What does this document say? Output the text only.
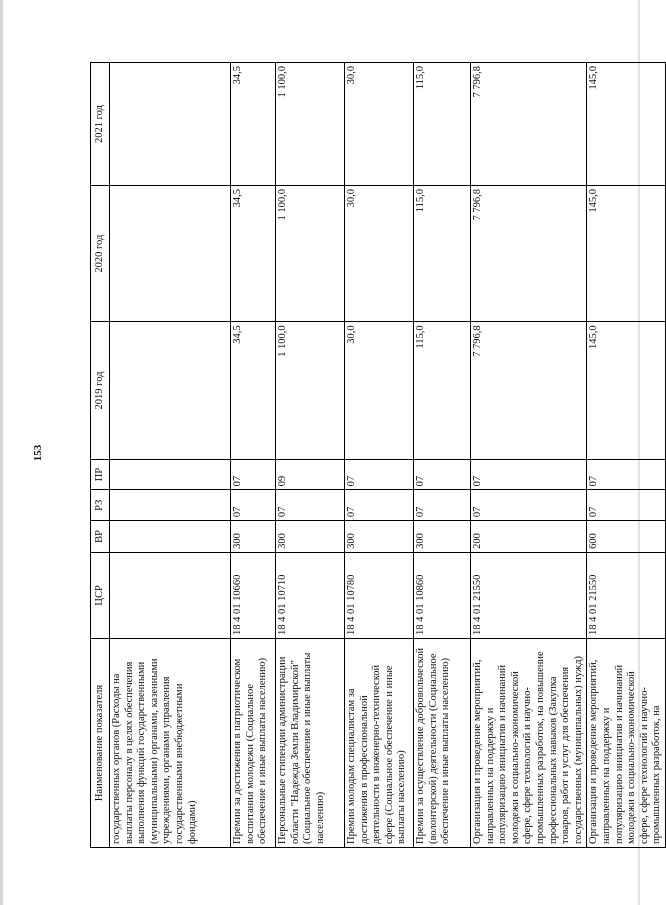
153
Наименование показателя	ЦСР	ВР	РЗ	ПР	2019 год	2020 год	2021 год
государственных органов (Расходы на выплаты персоналу в целях обеспечения выполнения функций государственными (муниципальными) органами, казенными учреждениями, органами управления государственными внебюджетными фондами)							
Премии за достижения в патриотическом воспитании молодежи (Социальное обеспечение и иные выплаты населению)	18 4 01 10660	300	07	07	34,5	34,5	34,5
Персональные стипендии администрации области "Надежда Земли Владимирской" (Социальное обеспечение и иные выплаты населению)	18 4 01 10710	300	07	09	1 100,0	1 100,0	1 100,0
Премии молодым специалистам за достижения в профессиональной деятельности в инженерно-технической сфере (Социальное обеспечение и иные выплаты населению)	18 4 01 10780	300	07	07	30,0	30,0	30,0
Премии за осуществление добровольческой (волонтерской) деятельности (Социальное обеспечение и иные выплаты населению)	18 4 01 10860	300	07	07	115,0	115,0	115,0
Организация и проведение мероприятий, направленных на поддержку и популяризацию инициатив и начинаний молодежи в социально-экономической сфере, сфере технологий и научно-промышленных разработок, на повышение профессиональных навыков (Закупка товаров, работ и услуг для обеспечения государственных (муниципальных) нужд)	18 4 01 21550	200	07	07	7 796,8	7 796,8	7 796,8
Организация и проведение мероприятий, направленных на поддержку и популяризацию инициатив и начинаний молодежи в социально-экономической сфере, сфере технологий и научно-промышленных разработок, на	18 4 01 21550	600	07	07	145,0	145,0	145,0
